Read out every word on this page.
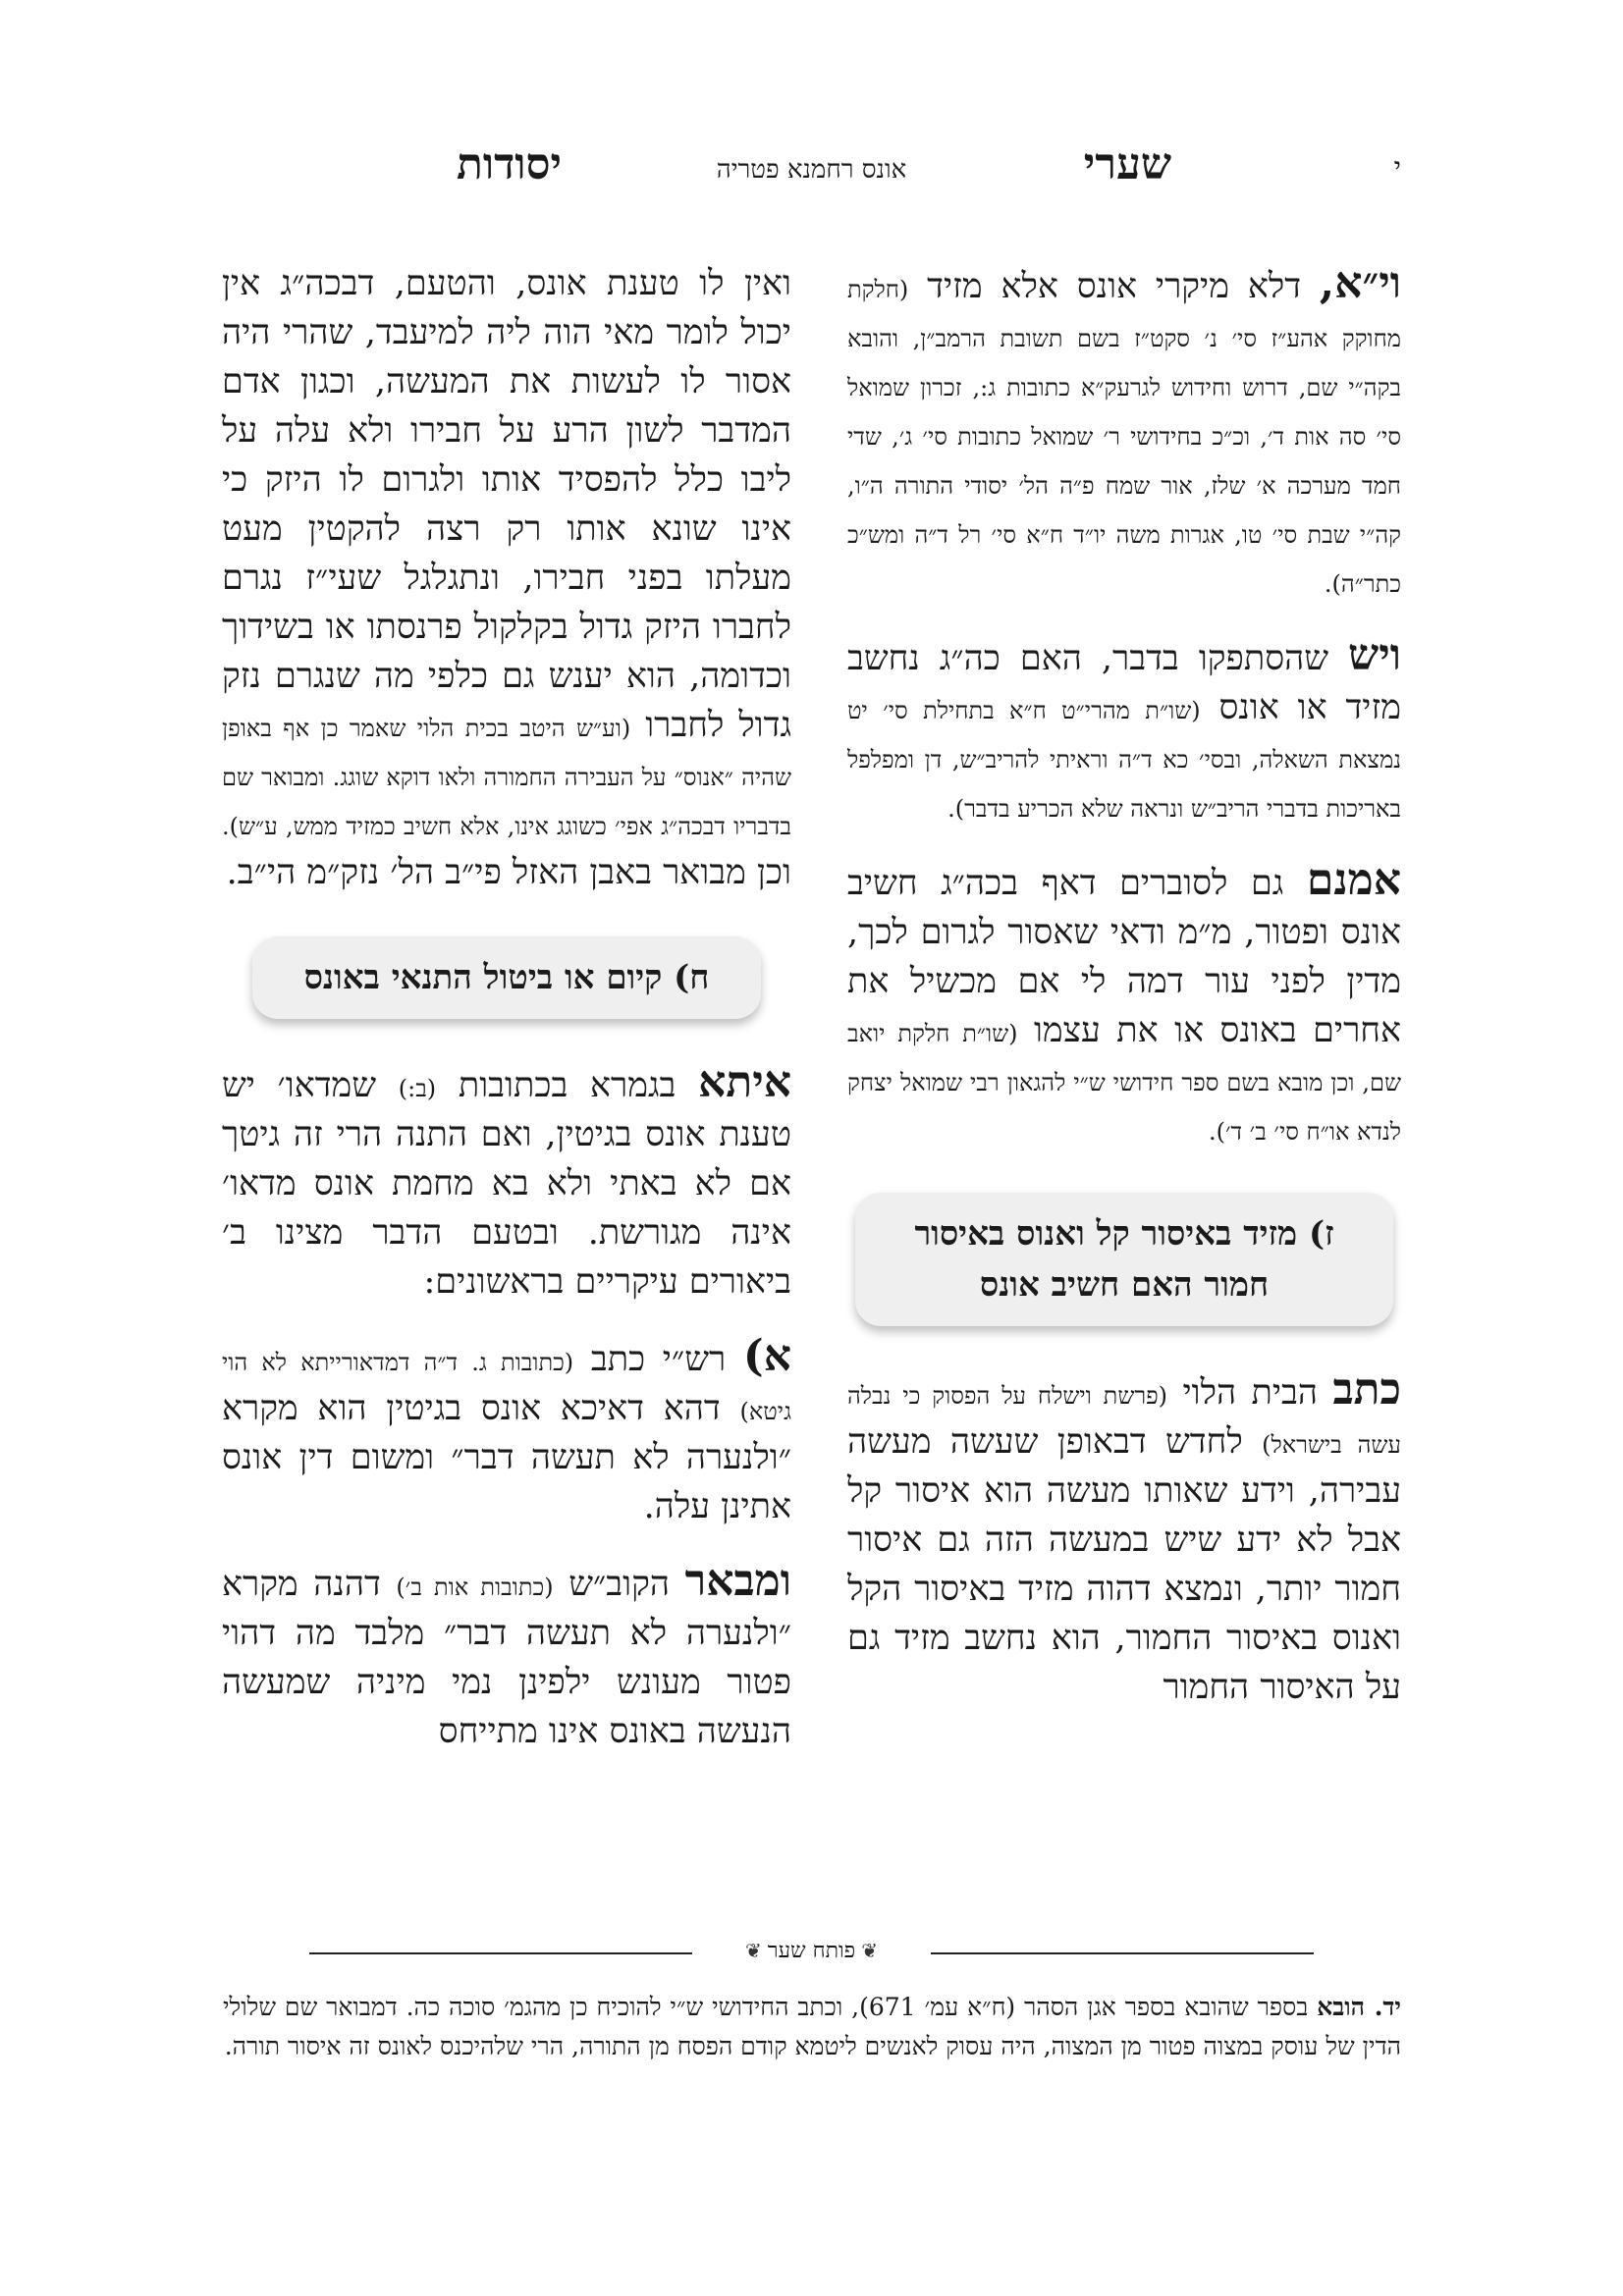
י
שערי
אונס רחמנא פטריה
יסודות

וי״א, דלא מיקרי אונס אלא מזיד (חלקת מחוקק אהע״ז סי׳ נ׳ סקט״ז בשם תשובת הרמב״ן, והובא בקה״י שם, דרוש וחידוש לגרעק״א כתובות ג:, זכרון שמואל סי׳ סה אות ד׳, וכ״כ בחידושי ר׳ שמואל כתובות סי׳ ג׳, שדי חמד מערכה א׳ שלז, אור שמח פ״ה הל׳ יסודי התורה ה״ו, קה״י שבת סי׳ טו, אגרות משה יו״ד ח״א סי׳ רל ד״ה ומש״כ כתר״ה).

ויש שהסתפקו בדבר, האם כה״ג נחשב מזיד או אונס (שו״ת מהרי״ט ח״א בתחילת סי׳ יט נמצאת השאלה, ובסי׳ כא ד״ה וראיתי להריב״ש, דן ומפלפל באריכות בדברי הריב״ש ונראה שלא הכריע בדבר).

אמנם גם לסוברים דאף בכה״ג חשיב אונס ופטור, מ״מ ודאי שאסור לגרום לכך, מדין לפני עור דמה לי אם מכשיל את אחרים באונס או את עצמו (שו״ת חלקת יואב שם, וכן מובא בשם ספר חידושי ש״י להגאון רבי שמואל יצחק לנדא או״ח סי׳ ב׳ ד׳).

ז) מזיד באיסור קל ואנוס באיסור חמור האם חשיב אונס

כתב הבית הלוי (פרשת וישלח על הפסוק כי נבלה עשה בישראל) לחדש דבאופן שעשה מעשה עבירה, וידע שאותו מעשה הוא איסור קל אבל לא ידע שיש במעשה הזה גם איסור חמור יותר, ונמצא דהוה מזיד באיסור הקל ואנוס באיסור החמור, הוא נחשב מזיד גם על האיסור החמור

ואין לו טענת אונס, והטעם, דבכה״ג אין יכול לומר מאי הוה ליה למיעבד, שהרי היה אסור לו לעשות את המעשה, וכגון אדם המדבר לשון הרע על חבירו ולא עלה על ליבו כלל להפסיד אותו ולגרום לו היזק כי אינו שונא אותו רק רצה להקטין מעט מעלתו בפני חבירו, ונתגלגל שעי״ז נגרם לחברו היזק גדול בקלקול פרנסתו או בשידוך וכדומה, הוא יענש גם כלפי מה שנגרם נזק גדול לחברו (וע״ש היטב בכית הלוי שאמר כן אף באופן שהיה ״אנוס״ על העבירה החמורה ולאו דוקא שוגג. ומבואר שם בדבריו דבכה״ג אפי׳ כשוגג אינו, אלא חשיב כמזיד ממש, ע״ש). וכן מבואר באבן האזל פי״ב הל׳ נזק״מ הי״ב.

ח) קיום או ביטול התנאי באונס

איתא בגמרא בכתובות (ב:) שמדאו׳ יש טענת אונס בגיטין, ואם התנה הרי זה גיטך אם לא באתי ולא בא מחמת אונס מדאו׳ אינה מגורשת. ובטעם הדבר מצינו ב׳ ביאורים עיקריים בראשונים:

א) רש״י כתב (כתובות ג. ד״ה דמדאורייתא לא הוי גיטא) דהא דאיכא אונס בגיטין הוא מקרא ״ולנערה לא תעשה דבר״ ומשום דין אונס אתינן עלה.

ומבאר הקוב״ש (כתובות אות ב׳) דהנה מקרא ״ולנערה לא תעשה דבר״ מלבד מה דהוי פטור מעונש ילפינן נמי מיניה שמעשה הנעשה באונס אינו מתייחס

❦פותח שער❦
יד. הובא בספר שהובא בספר אגן הסהר (ח״א עמ׳ 671), וכתב החידושי ש״י להוכיח כן מהגמ׳ סוכה כה. דמבואר שם שלולי הדין של עוסק במצוה פטור מן המצוה, היה עסוק לאנשים ליטמא קודם הפסח מן התורה, הרי שלהיכנס לאונס זה איסור תורה.
